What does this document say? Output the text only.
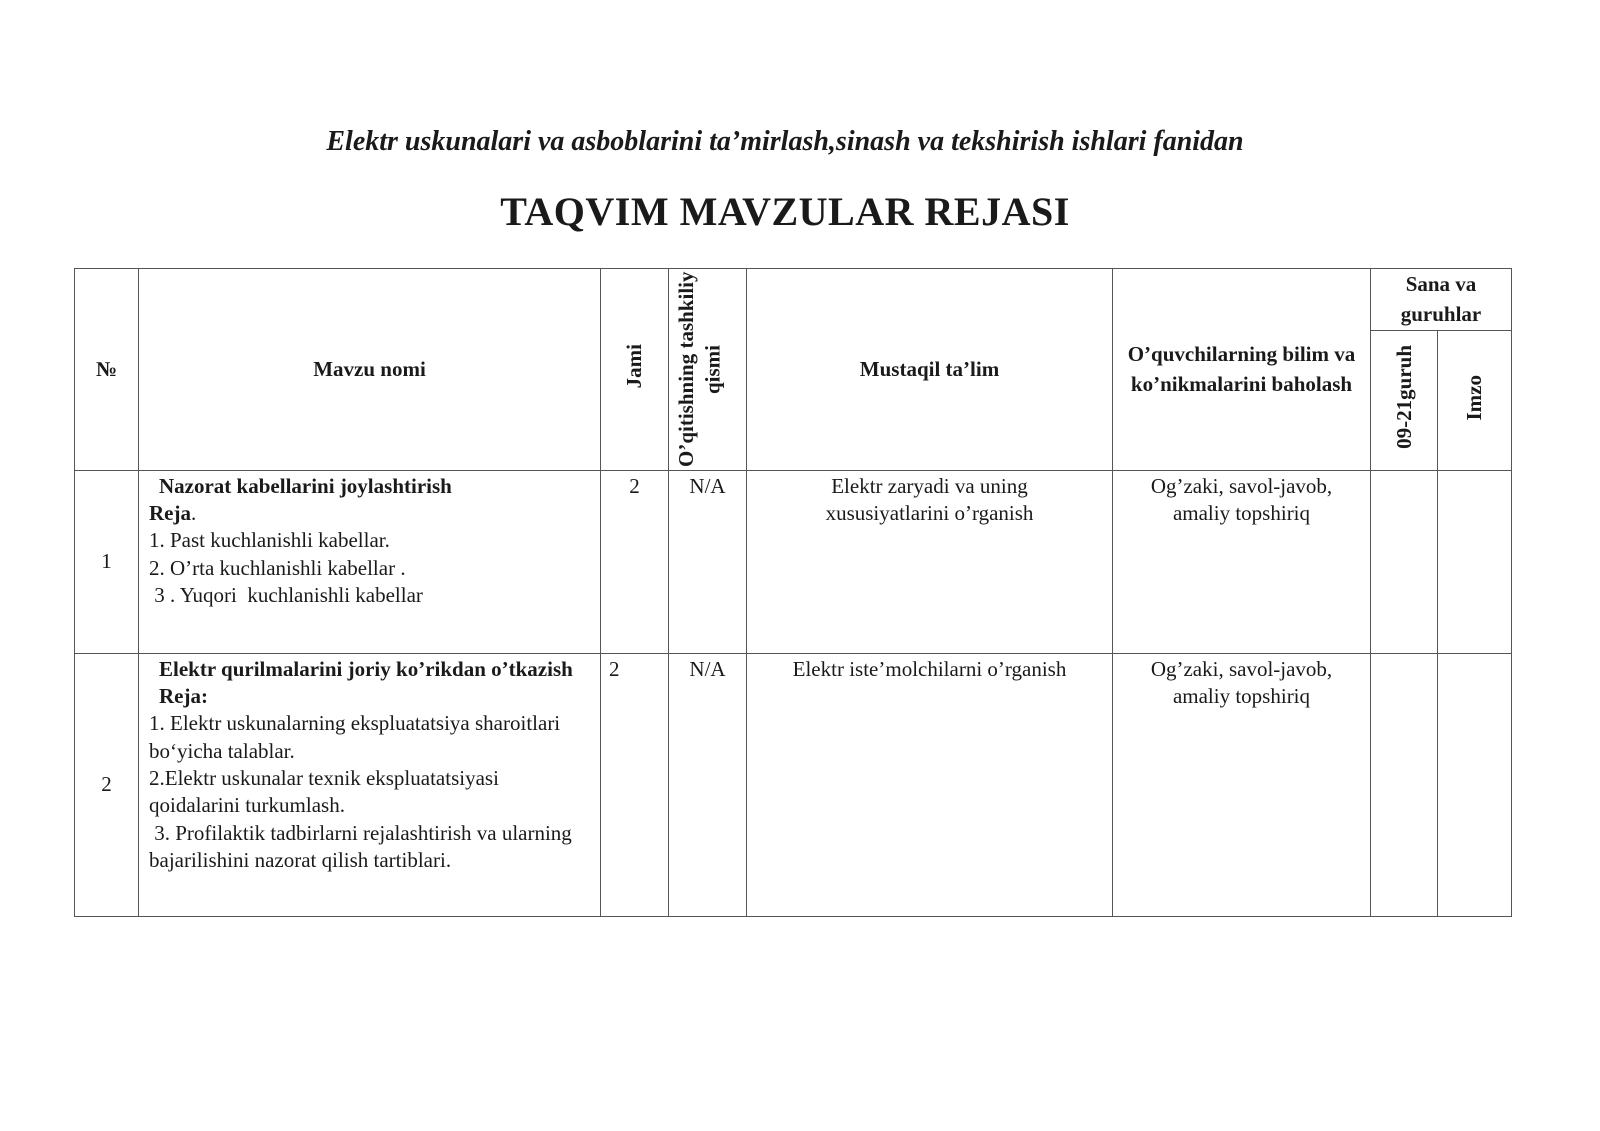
Elektr uskunalari va asboblarini ta’mirlash,sinash va tekshirish ishlari fanidan
TAQVIM MAVZULAR REJASI
№	Mavzu nomi	Jami	O’qitishning tashkiliy qismi	Mustaqil ta’lim	O’quvchilarning bilim va ko’nikmalarini baholash	Sana va guruhlar	
						09-21guruh	Imzo
1	Nazorat kabellarini joylashtirish
Reja.
1. Past kuchlanishli kabellar.
2. O’rta kuchlanishli kabellar .
3 . Yuqori  kuchlanishli kabellar	2	N/A	Elektr zaryadi va uning xususiyatlarini o’rganish	Og’zaki, savol-javob, amaliy topshiriq		
2	Elektr qurilmalarini joriy ko’rikdan o’tkazish
Reja:
1. Elektr uskunalarning ekspluatatsiya sharoitlari bo‘yicha talablar.
2.Elektr uskunalar texnik ekspluatatsiyasi qoidalarini turkumlash.
3. Profilaktik tadbirlarni rejalashtirish va ularning bajarilishini nazorat qilish tartiblari.	2	N/A	Elektr iste’molchilarni o’rganish	Og’zaki, savol-javob, amaliy topshiriq		
